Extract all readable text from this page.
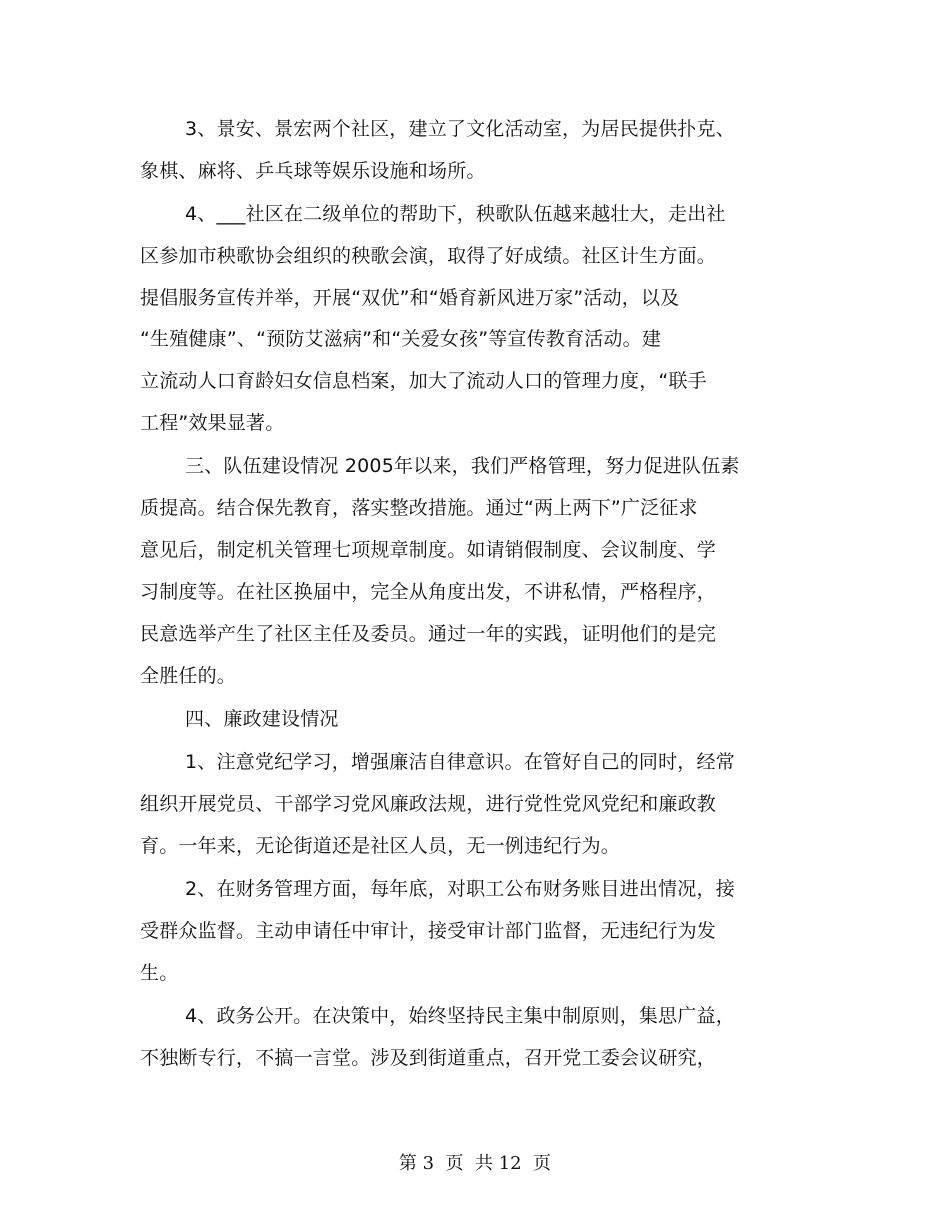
3、景安、景宏两个社区，建立了文化活动室，为居民提供扑克、
象棋、麻将、乒乓球等娱乐设施和场所。
4、___社区在二级单位的帮助下，秧歌队伍越来越壮大，走出社
区参加市秧歌协会组织的秧歌会演，取得了好成绩。社区计生方面。
提倡服务宣传并举，开展“双优”和“婚育新风进万家”活动，以及
“生殖健康”、“预防艾滋病”和“关爱女孩”等宣传教育活动。建
立流动人口育龄妇女信息档案，加大了流动人口的管理力度，“联手
工程”效果显著。
三、队伍建设情况 2005年以来，我们严格管理，努力促进队伍素
质提高。结合保先教育，落实整改措施。通过“两上两下”广泛征求
意见后，制定机关管理七项规章制度。如请销假制度、会议制度、学
习制度等。在社区换届中，完全从角度出发，不讲私情，严格程序，
民意选举产生了社区主任及委员。通过一年的实践，证明他们的是完
全胜任的。
四、廉政建设情况
1、注意党纪学习，增强廉洁自律意识。在管好自己的同时，经常
组织开展党员、干部学习党风廉政法规，进行党性党风党纪和廉政教
育。一年来，无论街道还是社区人员，无一例违纪行为。
2、在财务管理方面，每年底，对职工公布财务账目进出情况，接
受群众监督。主动申请任中审计，接受审计部门监督，无违纪行为发
生。
4、政务公开。在决策中，始终坚持民主集中制原则，集思广益，
不独断专行，不搞一言堂。涉及到街道重点，召开党工委会议研究，
第 3  页  共 12  页
